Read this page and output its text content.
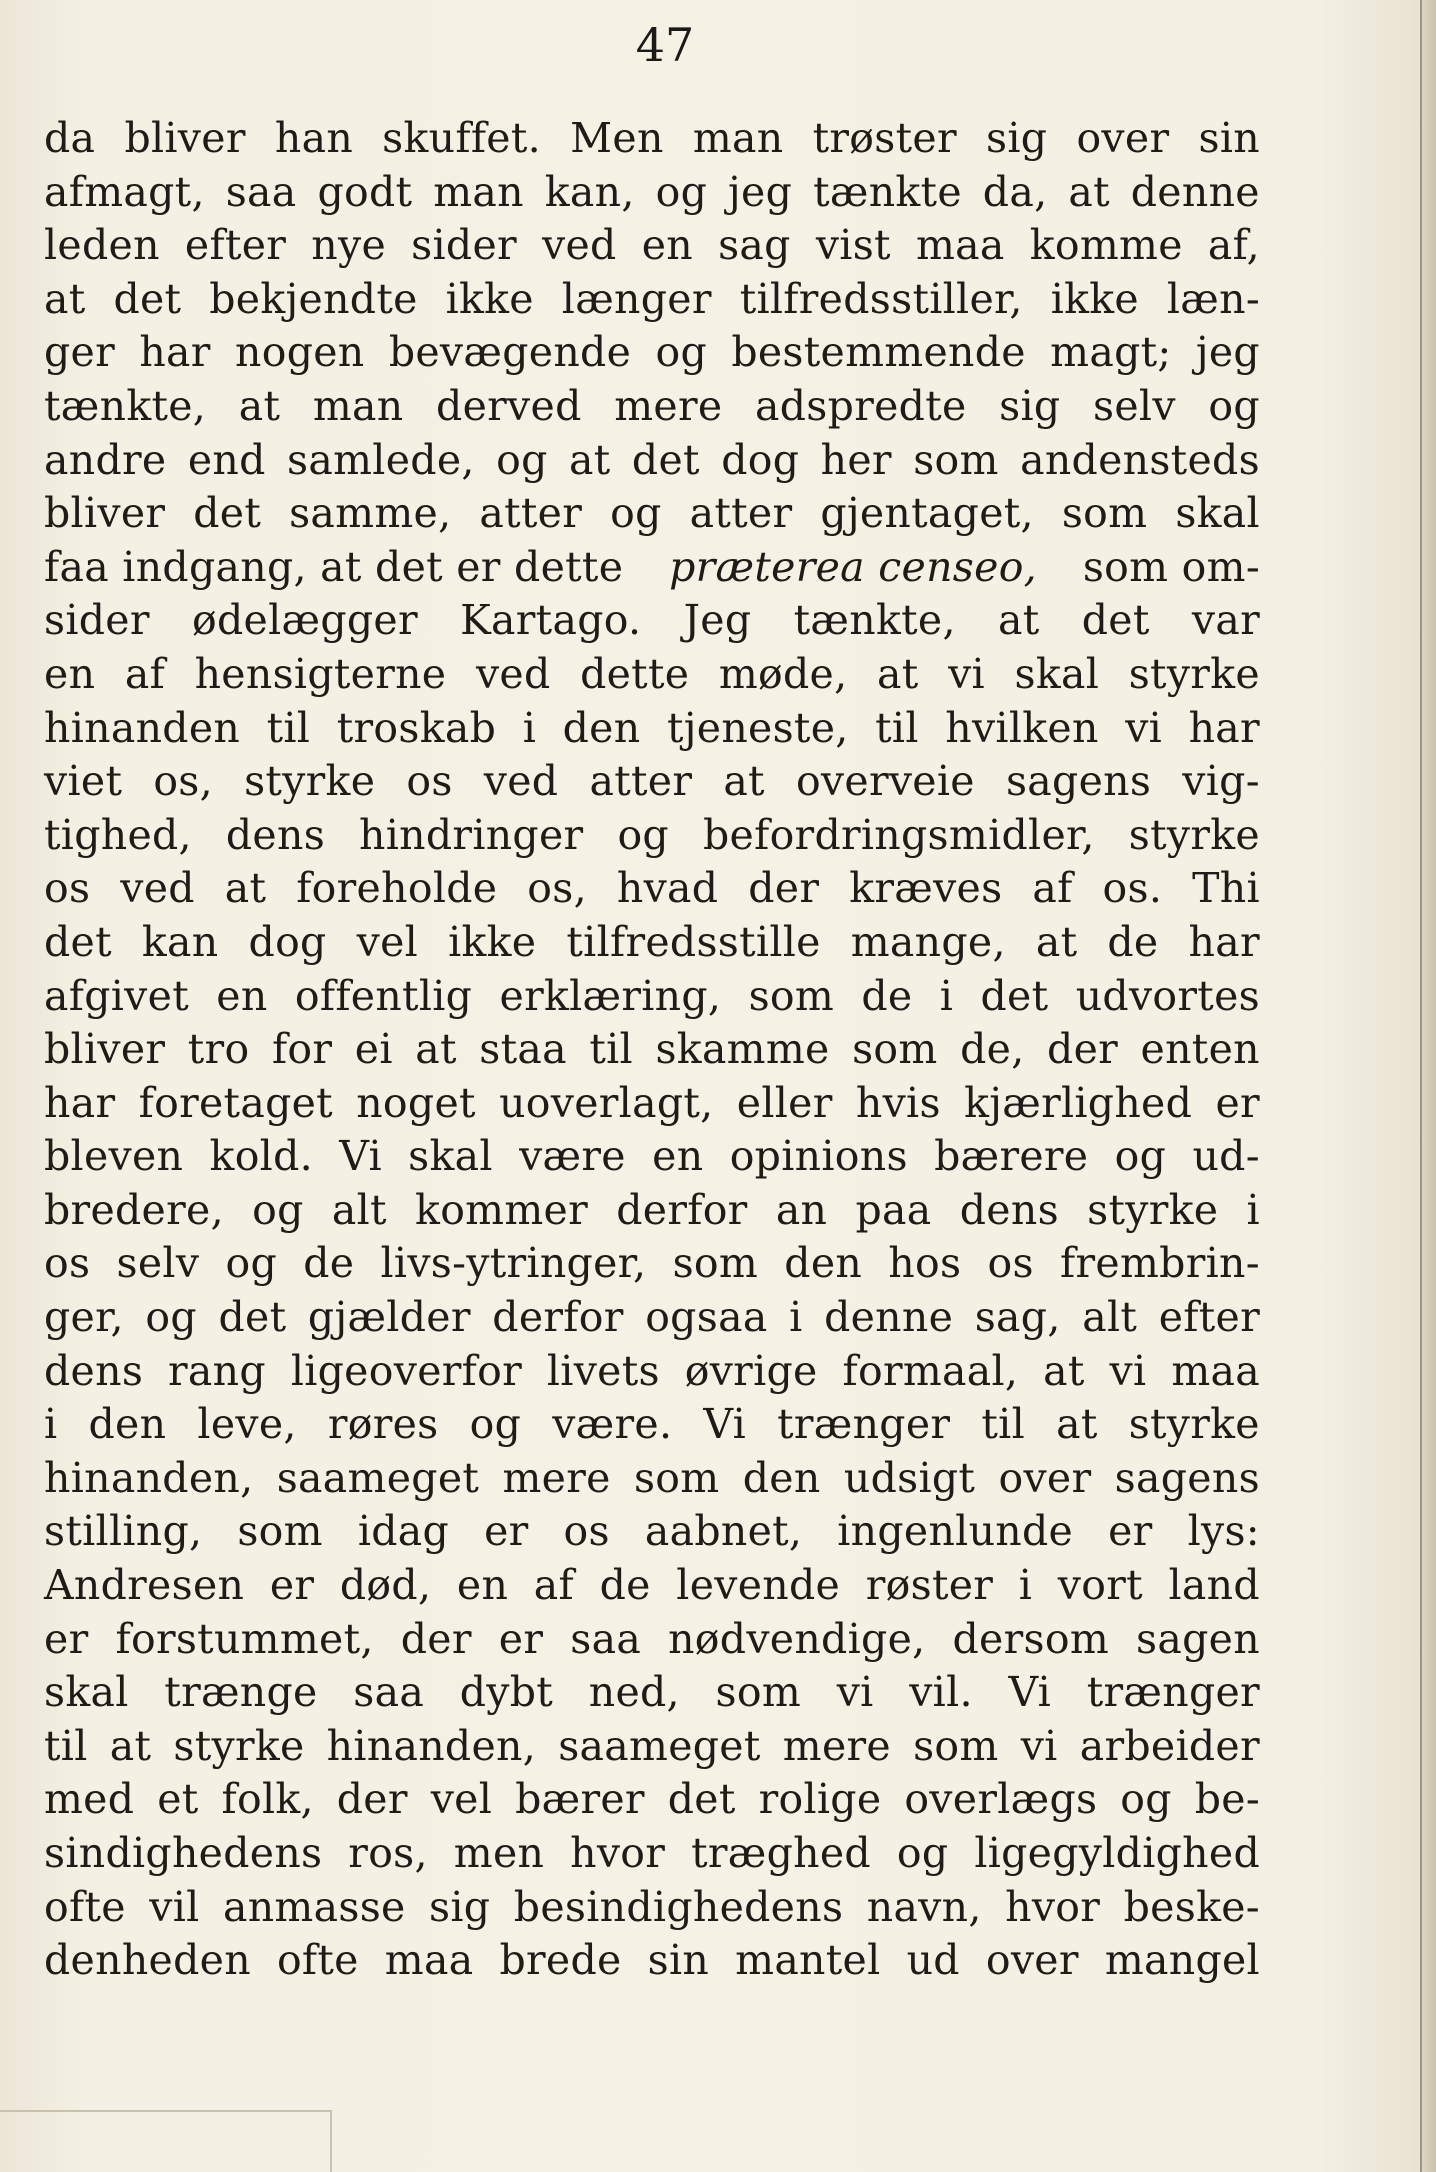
47
da bliver han skuffet. Men man trøster sig over sin
afmagt, saa godt man kan, og jeg tænkte da, at denne
leden efter nye sider ved en sag vist maa komme af,
at det bekjendte ikke længer tilfredsstiller, ikke læn-
ger har nogen bevægende og bestemmende magt; jeg
tænkte, at man derved mere adspredte sig selv og
andre end samlede, og at det dog her som andensteds
bliver det samme, atter og atter gjentaget, som skal
faa indgang, at det er dette præterea censeo, som om-
sider ødelægger Kartago. Jeg tænkte, at det var
en af hensigterne ved dette møde, at vi skal styrke
hinanden til troskab i den tjeneste, til hvilken vi har
viet os, styrke os ved atter at overveie sagens vig-
tighed, dens hindringer og befordringsmidler, styrke
os ved at foreholde os, hvad der kræves af os. Thi
det kan dog vel ikke tilfredsstille mange, at de har
afgivet en offentlig erklæring, som de i det udvortes
bliver tro for ei at staa til skamme som de, der enten
har foretaget noget uoverlagt, eller hvis kjærlighed er
bleven kold. Vi skal være en opinions bærere og ud-
bredere, og alt kommer derfor an paa dens styrke i
os selv og de livs-ytringer, som den hos os frembrin-
ger, og det gjælder derfor ogsaa i denne sag, alt efter
dens rang ligeoverfor livets øvrige formaal, at vi maa
i den leve, røres og være. Vi trænger til at styrke
hinanden, saameget mere som den udsigt over sagens
stilling, som idag er os aabnet, ingenlunde er lys:
Andresen er død, en af de levende røster i vort land
er forstummet, der er saa nødvendige, dersom sagen
skal trænge saa dybt ned, som vi vil. Vi trænger
til at styrke hinanden, saameget mere som vi arbeider
med et folk, der vel bærer det rolige overlægs og be-
sindighedens ros, men hvor træghed og ligegyldighed
ofte vil anmasse sig besindighedens navn, hvor beske-
denheden ofte maa brede sin mantel ud over mangel
